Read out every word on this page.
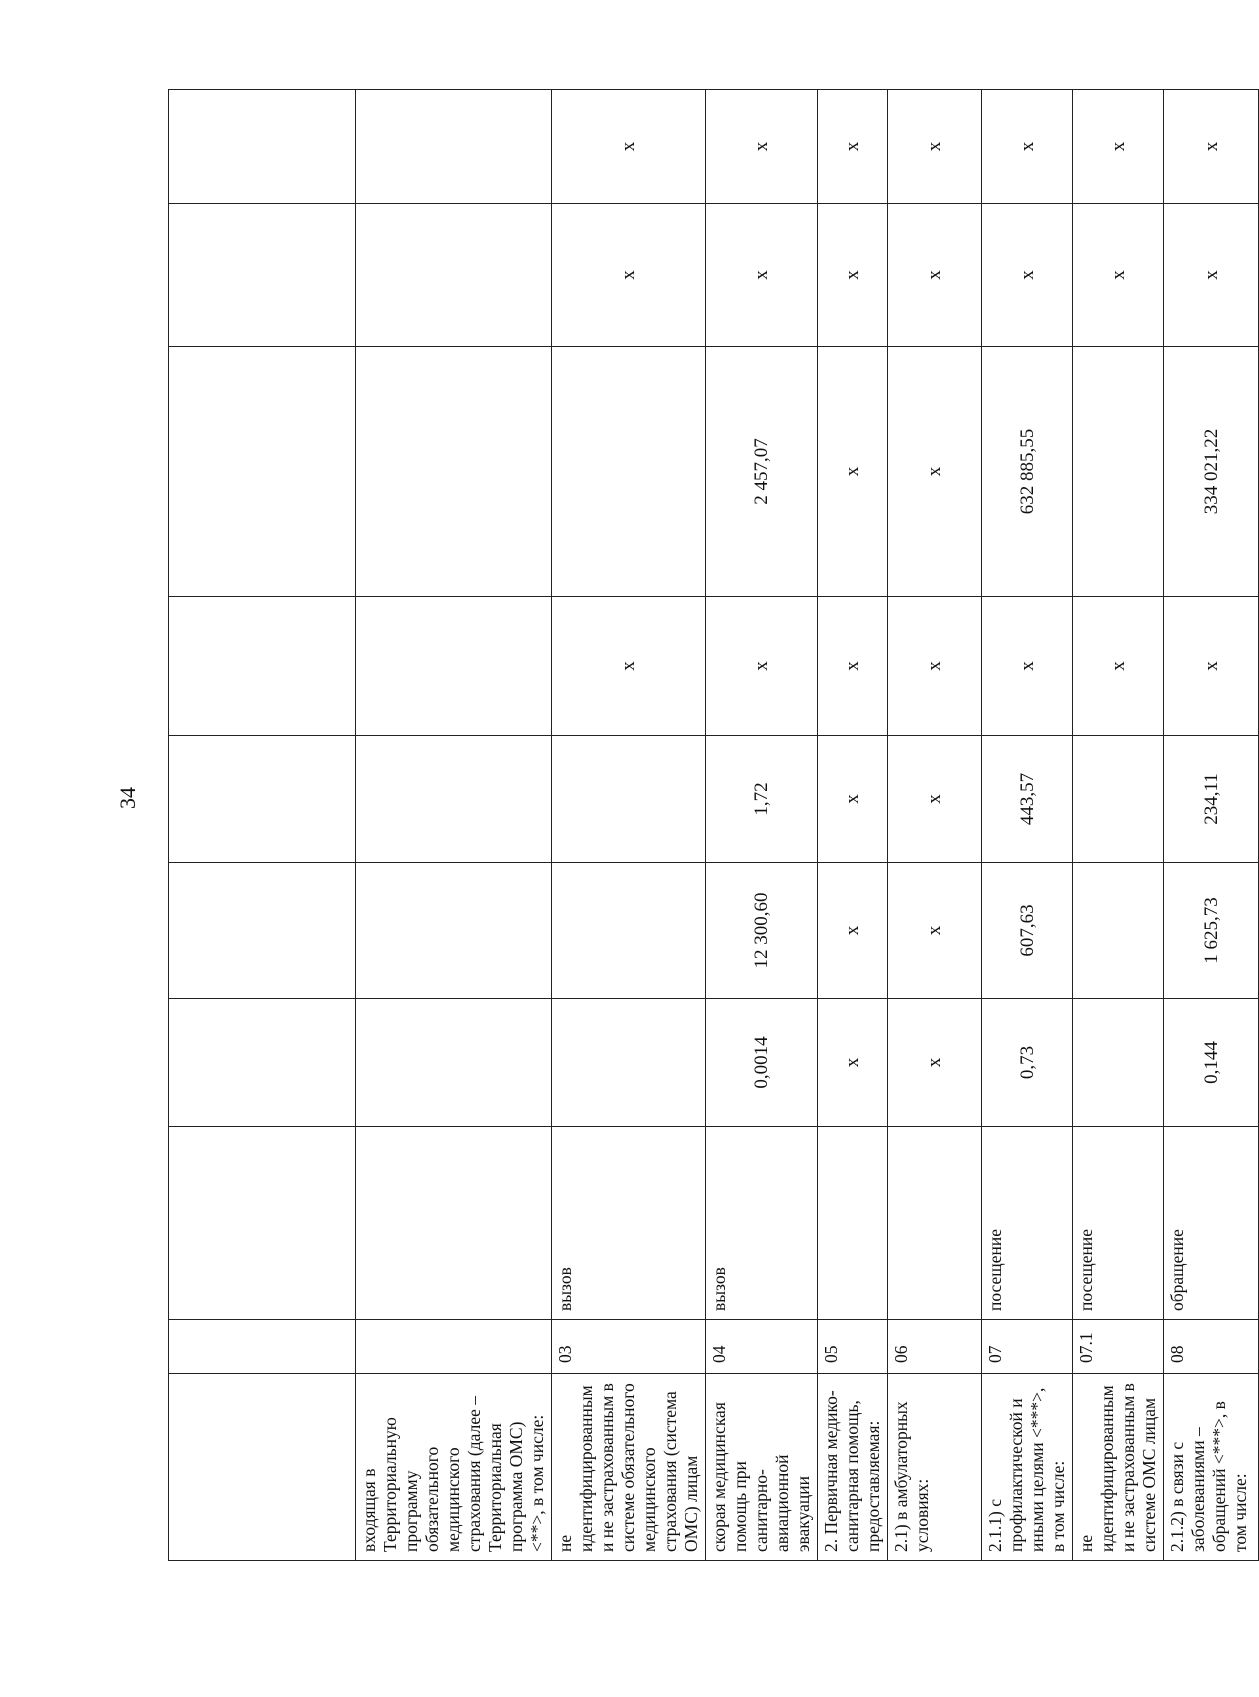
34

входящая в Территориальную программу обязательного медицинского страхования (далее – Территориальная программа ОМС) <**>, в том числе:									
не идентифицированным и не застрахованным в системе обязательного медицинского страхования (система ОМС) лицам	03	вызов				х		х	х
скорая медицинская помощь при санитарно-авиационной эвакуации	04	вызов	0,0014	12 300,60	1,72	х	2 457,07	х	х
2. Первичная медико-санитарная помощь, предоставляемая:	05		х	х	х	х	х	х	х
2.1) в амбулаторных условиях:	06		х	х	х	х	х	х	х
2.1.1) с профилактической и иными целями <***>, в том числе:	07	посещение	0,73	607,63	443,57	х	632 885,55	х	х
не идентифицированным и не застрахованным в системе ОМС лицам	07.1	посещение				х		х	х
2.1.2) в связи с заболеваниями – обращений <***>, в том числе:	08	обращение	0,144	1 625,73	234,11	х	334 021,22	х	х
